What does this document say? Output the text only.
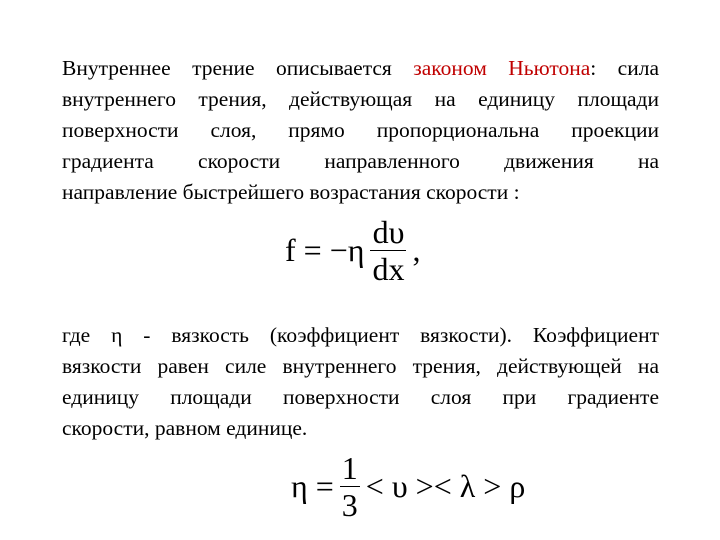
Внутреннее трение описывается законом Ньютона: сила
внутреннего трения, действующая на единицу площади
поверхности слоя, прямо пропорциональна проекции
градиента скорости направленного движения на
направление быстрейшего возрастания скорости :
$f = -\eta \frac{d\upsilon}{dx}$ ,
где η - вязкость (коэффициент вязкости). Коэффициент
вязкости равен силе внутреннего трения, действующей на
единицу площади поверхности слоя при градиенте
скорости, равном единице.
$\eta = \frac{1}{3} < \upsilon >< \lambda > \rho$
